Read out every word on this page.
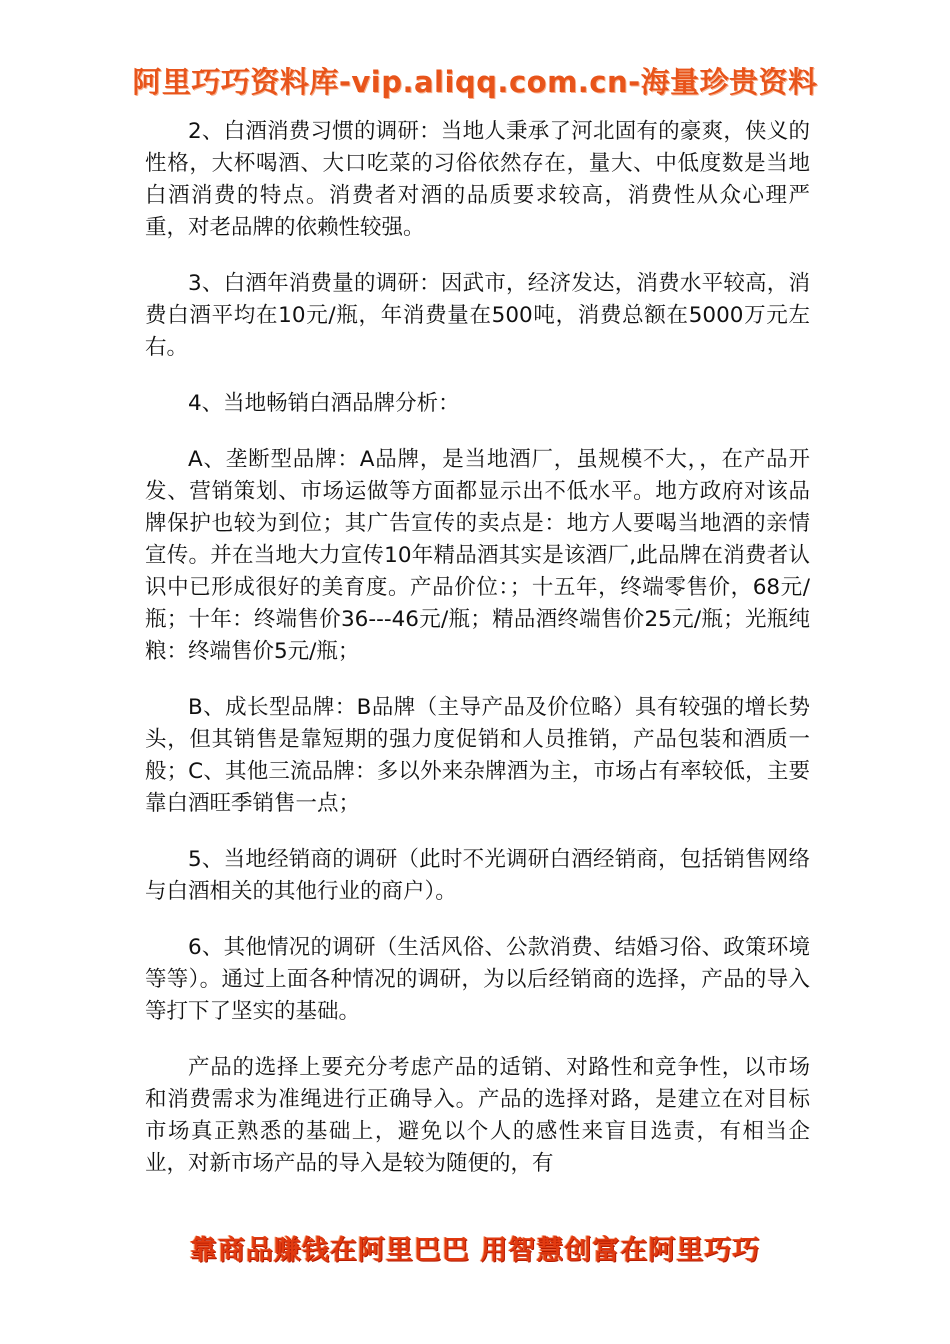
阿里巧巧资料库-vip.aliqq.com.cn-海量珍贵资料

2、白酒消费习惯的调研：当地人秉承了河北固有的豪爽，侠义的性格，大杯喝酒、大口吃菜的习俗依然存在，量大、中低度数是当地白酒消费的特点。消费者对酒的品质要求较高，消费性从众心理严重，对老品牌的依赖性较强。

3、白酒年消费量的调研：因武市，经济发达，消费水平较高，消费白酒平均在10元/瓶，年消费量在500吨，消费总额在5000万元左右。

4、当地畅销白酒品牌分析：

A、垄断型品牌：A品牌，是当地酒厂，虽规模不大，，在产品开发、营销策划、市场运做等方面都显示出不低水平。地方政府对该品牌保护也较为到位；其广告宣传的卖点是：地方人要喝当地酒的亲情宣传。并在当地大力宣传10年精品酒其实是该酒厂,此品牌在消费者认识中已形成很好的美育度。产品价位：；十五年，终端零售价，68元/瓶；十年：终端售价36---46元/瓶；精品酒终端售价25元/瓶；光瓶纯粮：终端售价5元/瓶；

B、成长型品牌：B品牌（主导产品及价位略）具有较强的增长势头，但其销售是靠短期的强力度促销和人员推销，产品包装和酒质一般；C、其他三流品牌：多以外来杂牌酒为主，市场占有率较低，主要靠白酒旺季销售一点；

5、当地经销商的调研（此时不光调研白酒经销商，包括销售网络与白酒相关的其他行业的商户）。

6、其他情况的调研（生活风俗、公款消费、结婚习俗、政策环境等等）。通过上面各种情况的调研，为以后经销商的选择，产品的导入等打下了坚实的基础。

产品的选择上要充分考虑产品的适销、对路性和竞争性，以市场和消费需求为准绳进行正确导入。产品的选择对路，是建立在对目标市场真正熟悉的基础上，避免以个人的感性来盲目选责，有相当企业，对新市场产品的导入是较为随便的，有

靠商品赚钱在阿里巴巴 用智慧创富在阿里巧巧
